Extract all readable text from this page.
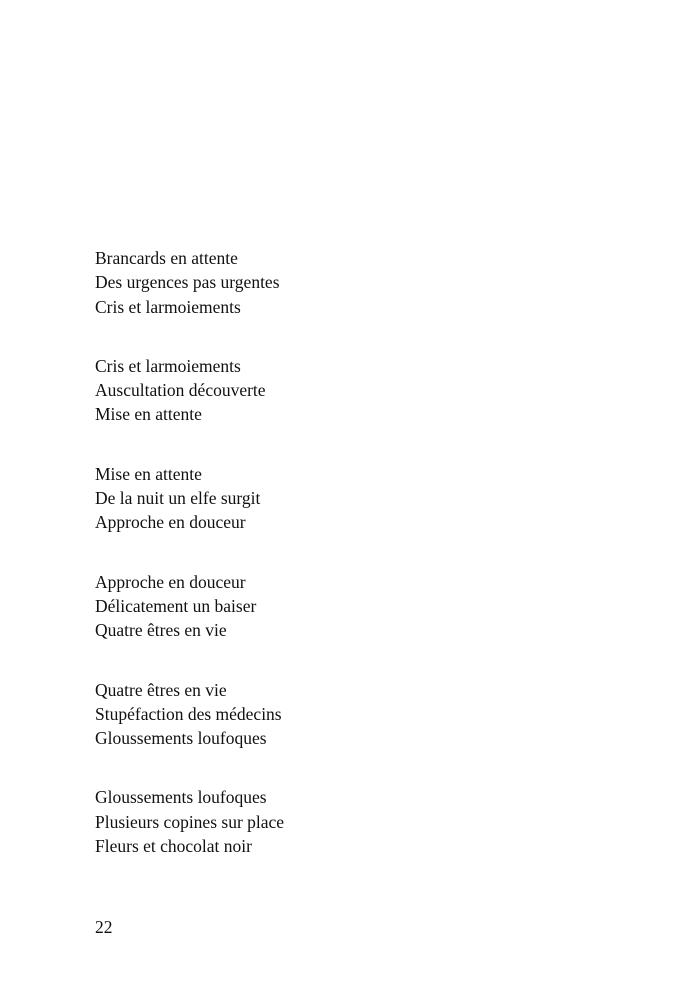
Brancards en attente
Des urgences pas urgentes
Cris et larmoiements
Cris et larmoiements
Auscultation découverte
Mise en attente
Mise en attente
De la nuit un elfe surgit
Approche en douceur
Approche en douceur
Délicatement un baiser
Quatre êtres en vie
Quatre êtres en vie
Stupéfaction des médecins
Gloussements loufoques
Gloussements loufoques
Plusieurs copines sur place
Fleurs et chocolat noir
22
